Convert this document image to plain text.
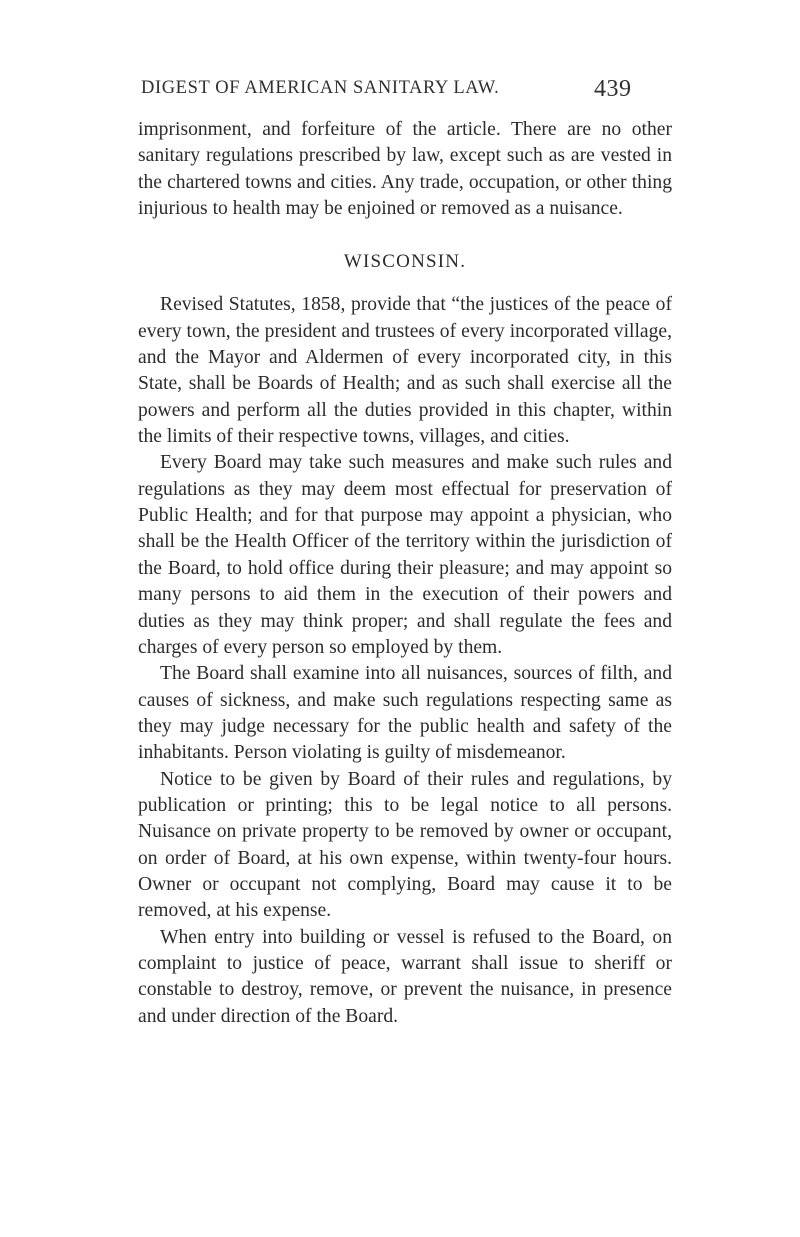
DIGEST OF AMERICAN SANITARY LAW.	439

imprisonment, and forfeiture of the article. There are no other sanitary regulations prescribed by law, except such as are vested in the chartered towns and cities. Any trade, occupation, or other thing injurious to health may be enjoined or removed as a nuisance.

WISCONSIN.

Revised Statutes, 1858, provide that “the justices of the peace of every town, the president and trustees of every incorporated village, and the Mayor and Aldermen of every incorporated city, in this State, shall be Boards of Health; and as such shall exercise all the powers and perform all the duties provided in this chapter, within the limits of their respective towns, villages, and cities.

Every Board may take such measures and make such rules and regulations as they may deem most effectual for preservation of Public Health; and for that purpose may appoint a physician, who shall be the Health Officer of the territory within the jurisdiction of the Board, to hold office during their pleasure; and may appoint so many persons to aid them in the execution of their powers and duties as they may think proper; and shall regulate the fees and charges of every person so employed by them.

The Board shall examine into all nuisances, sources of filth, and causes of sickness, and make such regulations respecting same as they may judge necessary for the public health and safety of the inhabitants. Person violating is guilty of misdemeanor.

Notice to be given by Board of their rules and regulations, by publication or printing; this to be legal notice to all persons. Nuisance on private property to be removed by owner or occupant, on order of Board, at his own expense, within twenty-four hours. Owner or occupant not complying, Board may cause it to be removed, at his expense.

When entry into building or vessel is refused to the Board, on complaint to justice of peace, warrant shall issue to sheriff or constable to destroy, remove, or prevent the nuisance, in presence and under direction of the Board.
